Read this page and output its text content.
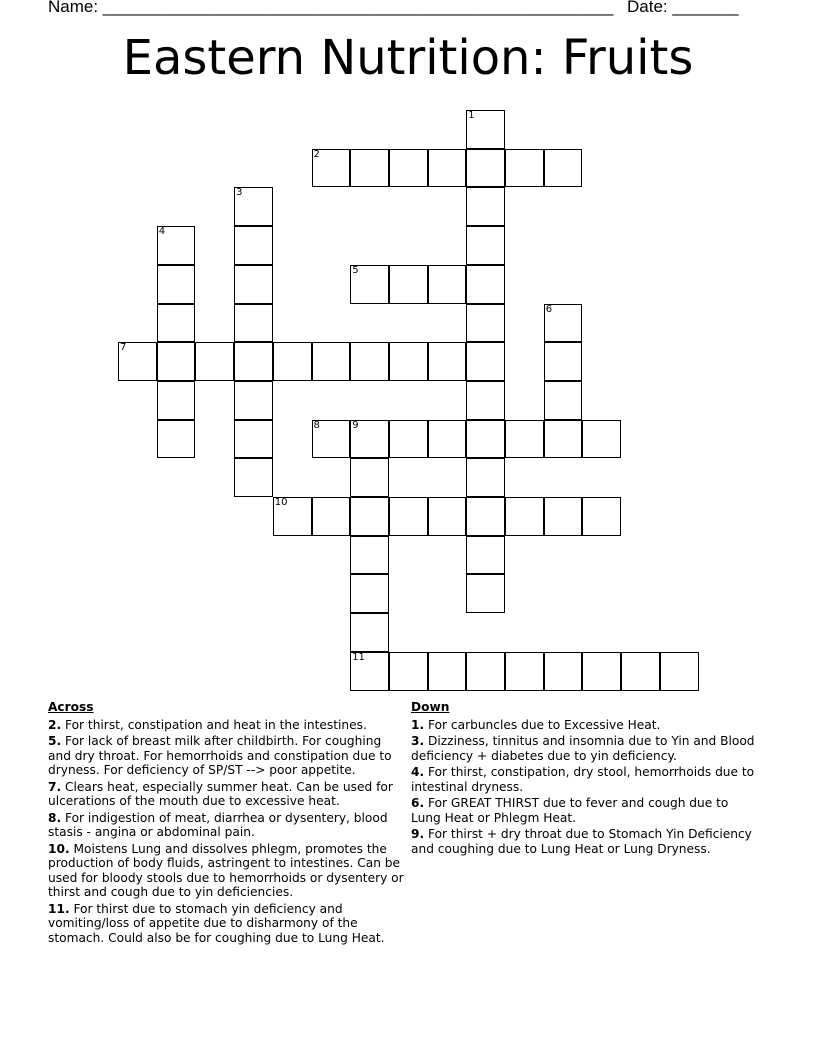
Name: ______________________________________________________ Date: _______
Eastern Nutrition: Fruits
1
2
3
4
5
6
7
8	9
11
10
Across
2. For thirst, constipation and heat in the intestines.
5. For lack of breast milk after childbirth. For coughing and dry throat. For hemorrhoids and constipation due to dryness. For deficiency of SP/ST --> poor appetite.
7. Clears heat, especially summer heat. Can be used for ulcerations of the mouth due to excessive heat.
8. For indigestion of meat, diarrhea or dysentery, blood stasis - angina or abdominal pain.
10. Moistens Lung and dissolves phlegm, promotes the production of body fluids, astringent to intestines. Can be used for bloody stools due to hemorrhoids or dysentery or thirst and cough due to yin deficiencies.
11. For thirst due to stomach yin deficiency and vomiting/loss of appetite due to disharmony of the stomach. Could also be for coughing due to Lung Heat.
Down
1. For carbuncles due to Excessive Heat.
3. Dizziness, tinnitus and insomnia due to Yin and Blood deficiency + diabetes due to yin deficiency.
4. For thirst, constipation, dry stool, hemorrhoids due to intestinal dryness.
6. For GREAT THIRST due to fever and cough due to Lung Heat or Phlegm Heat.
9. For thirst + dry throat due to Stomach Yin Deficiency and coughing due to Lung Heat or Lung Dryness.
